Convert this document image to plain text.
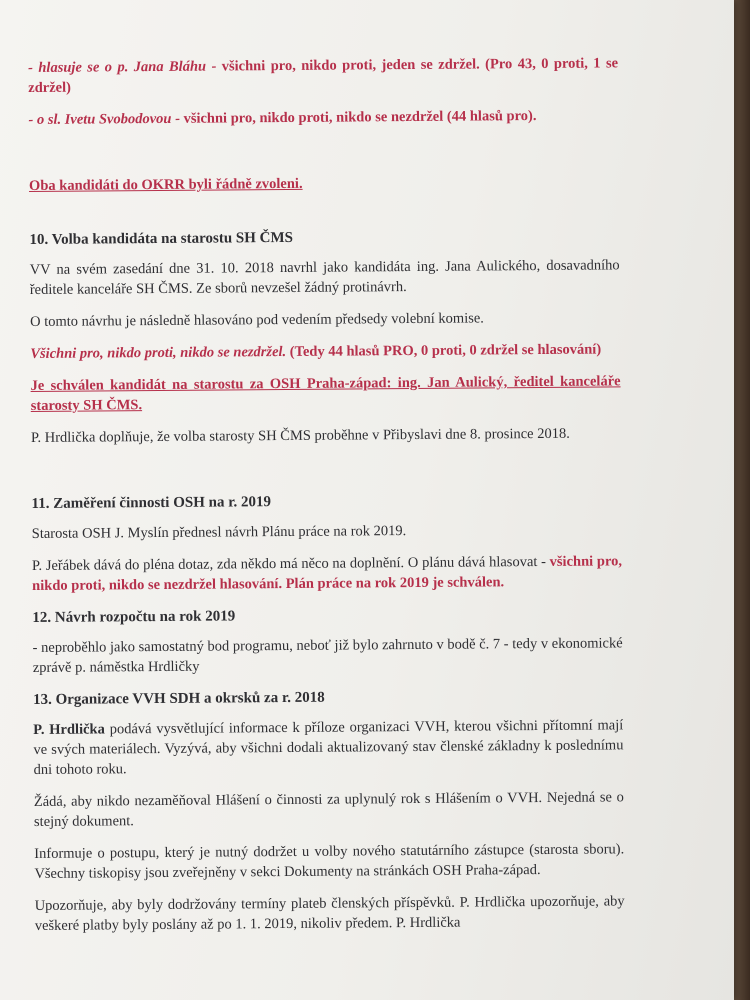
- hlasuje se o p. Jana Bláhu - všichni pro, nikdo proti, jeden se zdržel. (Pro 43, 0 proti, 1 se zdržel)

- o sl. Ivetu Svobodovou - všichni pro, nikdo proti, nikdo se nezdržel (44 hlasů pro).

Oba kandidáti do OKRR byli řádně zvoleni.

10. Volba kandidáta na starostu SH ČMS

VV na svém zasedání dne 31. 10. 2018 navrhl jako kandidáta ing. Jana Aulického, dosavadního ředitele kanceláře SH ČMS. Ze sborů nevzešel žádný protinávrh.

O tomto návrhu je následně hlasováno pod vedením předsedy volební komise.

Všichni pro, nikdo proti, nikdo se nezdržel. (Tedy 44 hlasů PRO, 0 proti, 0 zdržel se hlasování)

Je schválen kandidát na starostu za OSH Praha-západ: ing. Jan Aulický, ředitel kanceláře starosty SH ČMS.

P. Hrdlička doplňuje, že volba starosty SH ČMS proběhne v Přibyslavi dne 8. prosince 2018.

11. Zaměření činnosti OSH na r. 2019

Starosta OSH J. Myslín přednesl návrh Plánu práce na rok 2019.

P. Jeřábek dává do pléna dotaz, zda někdo má něco na doplnění. O plánu dává hlasovat - všichni pro, nikdo proti, nikdo se nezdržel hlasování. Plán práce na rok 2019 je schválen.

12. Návrh rozpočtu na rok 2019

- neproběhlo jako samostatný bod programu, neboť již bylo zahrnuto v bodě č. 7 - tedy v ekonomické zprávě p. náměstka Hrdličky

13. Organizace VVH SDH a okrsků za r. 2018

P. Hrdlička podává vysvětlující informace k příloze organizaci VVH, kterou všichni přítomní mají ve svých materiálech. Vyzývá, aby všichni dodali aktualizovaný stav členské základny k poslednímu dni tohoto roku.

Žádá, aby nikdo nezaměňoval Hlášení o činnosti za uplynulý rok s Hlášením o VVH. Nejedná se o stejný dokument.

Informuje o postupu, který je nutný dodržet u volby nového statutárního zástupce (starosta sboru). Všechny tiskopisy jsou zveřejněny v sekci Dokumenty na stránkách OSH Praha-západ.

Upozorňuje, aby byly dodržovány termíny plateb členských příspěvků. P. Hrdlička upozorňuje, aby veškeré platby byly poslány až po 1. 1. 2019, nikoliv předem. P. Hrdlička
